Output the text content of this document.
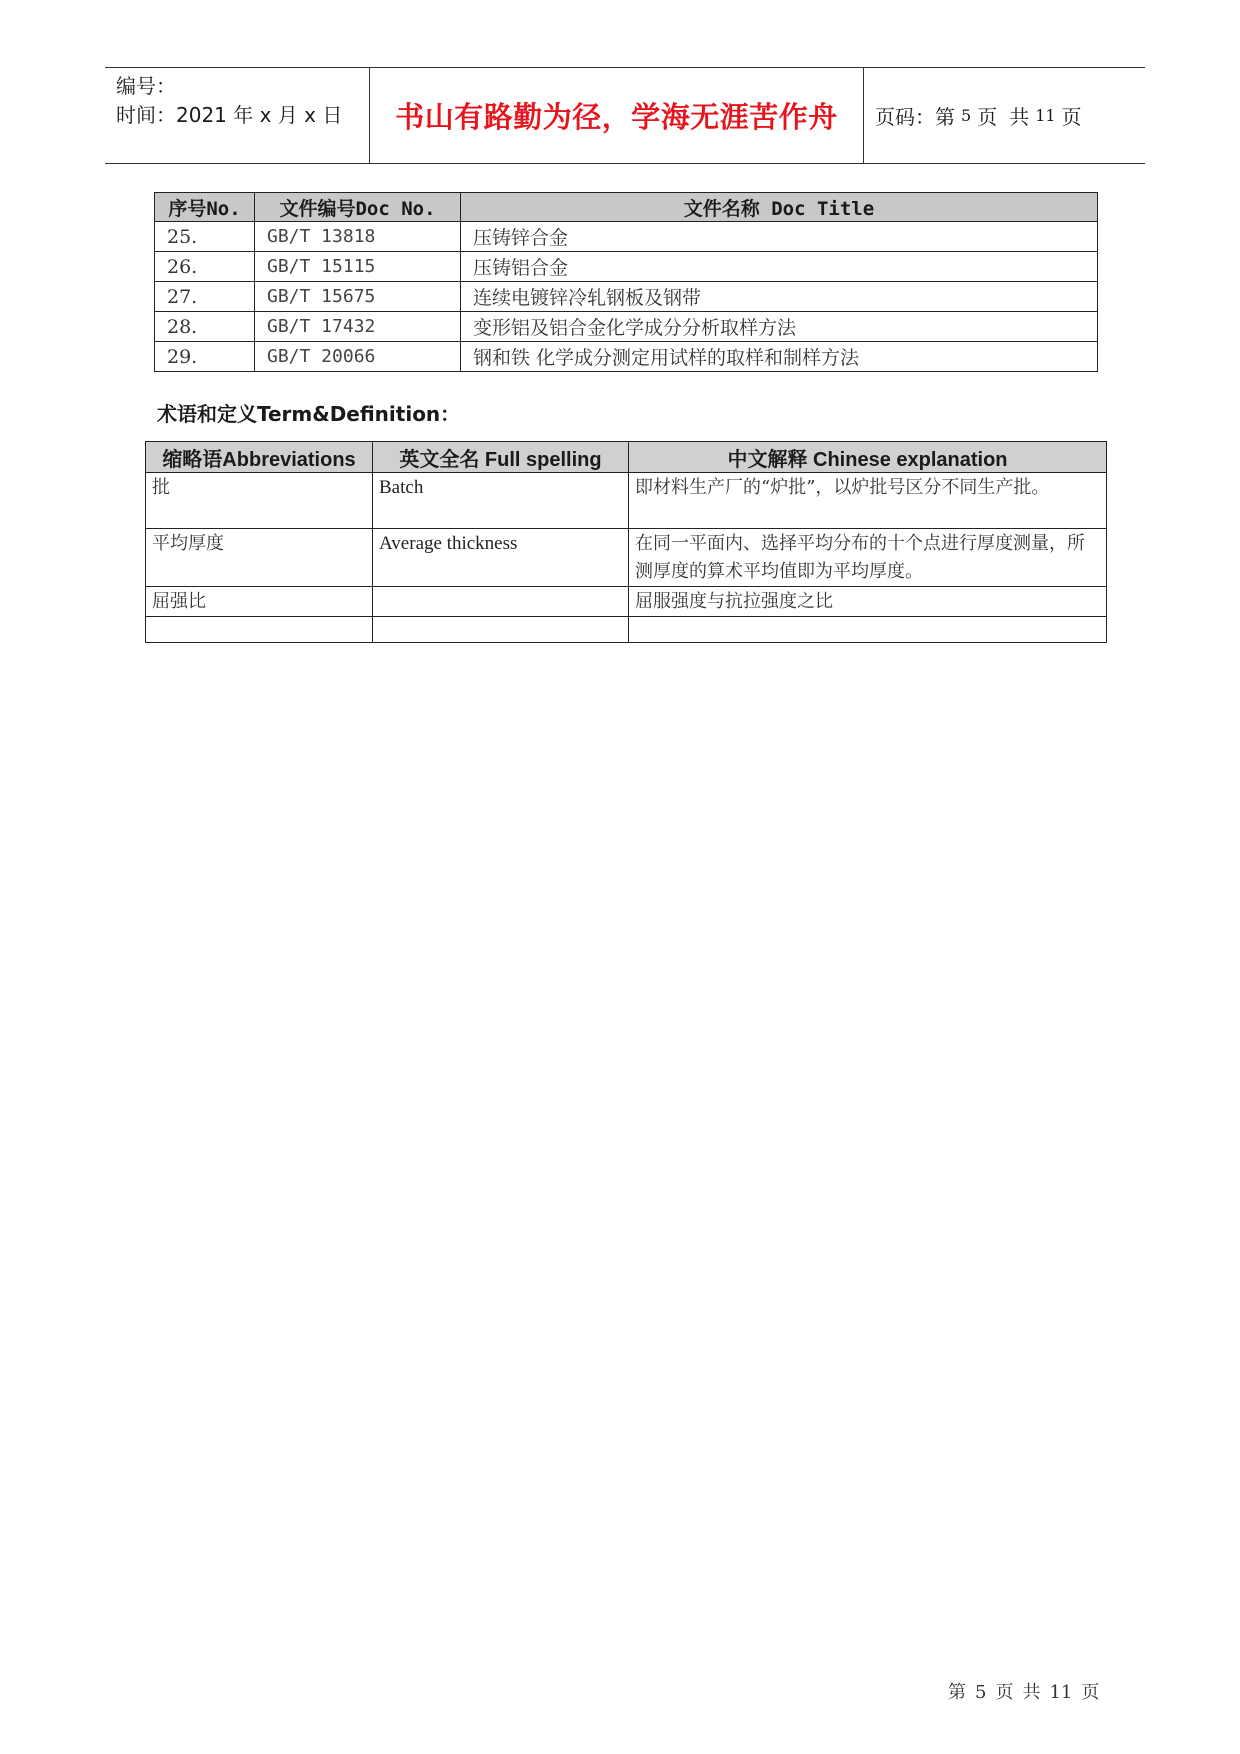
编号：
时间：2021 年 x 月 x 日	书山有路勤为径，学海无涯苦作舟	页码：第 5 页 共 11 页
序号No.	文件编号Doc No.	文件名称 Doc Title
25.	GB/T 13818	压铸锌合金
26.	GB/T 15115	压铸铝合金
27.	GB/T 15675	连续电镀锌冷轧钢板及钢带
28.	GB/T 17432	变形铝及铝合金化学成分分析取样方法
29.	GB/T 20066	钢和铁 化学成分测定用试样的取样和制样方法
术语和定义Term&Definition：
缩略语Abbreviations	英文全名 Full spelling	中文解释 Chinese explanation
批	Batch	即材料生产厂的“炉批”，以炉批号区分不同生产批。
平均厚度	Average thickness	在同一平面内、选择平均分布的十个点进行厚度测量，所测厚度的算术平均值即为平均厚度。
屈强比		屈服强度与抗拉强度之比

第 5 页 共 11 页
